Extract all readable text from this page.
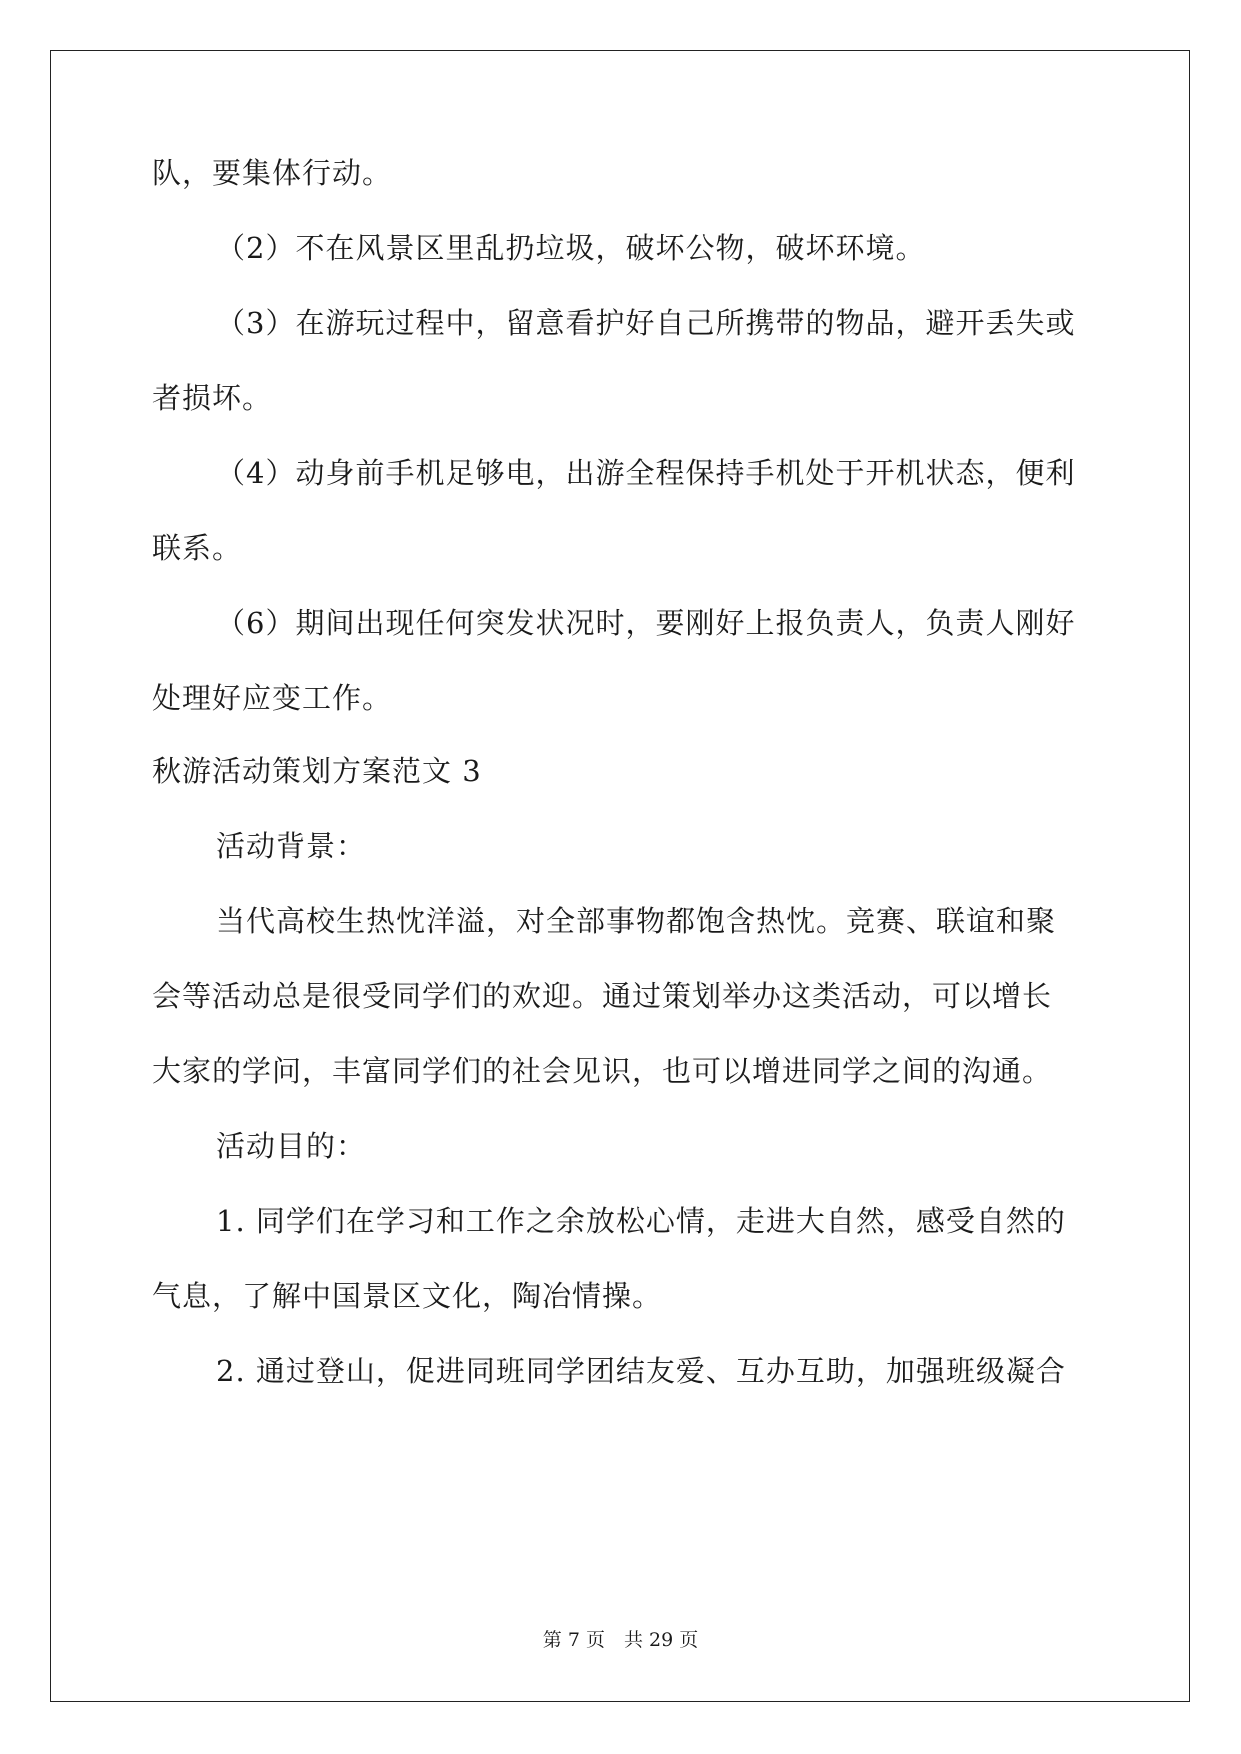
队，要集体行动。
（2）不在风景区里乱扔垃圾，破坏公物，破坏环境。
（3）在游玩过程中，留意看护好自己所携带的物品，避开丢失或
者损坏。
（4）动身前手机足够电，出游全程保持手机处于开机状态，便利
联系。
（6）期间出现任何突发状况时，要刚好上报负责人，负责人刚好
处理好应变工作。
秋游活动策划方案范文 3
活动背景：
当代高校生热忱洋溢，对全部事物都饱含热忱。竞赛、联谊和聚
会等活动总是很受同学们的欢迎。通过策划举办这类活动，可以增长
大家的学问，丰富同学们的社会见识，也可以增进同学之间的沟通。
活动目的：
1. 同学们在学习和工作之余放松心情，走进大自然，感受自然的
气息，了解中国景区文化，陶冶情操。
2. 通过登山，促进同班同学团结友爱、互办互助，加强班级凝合
第 7 页　共 29 页
